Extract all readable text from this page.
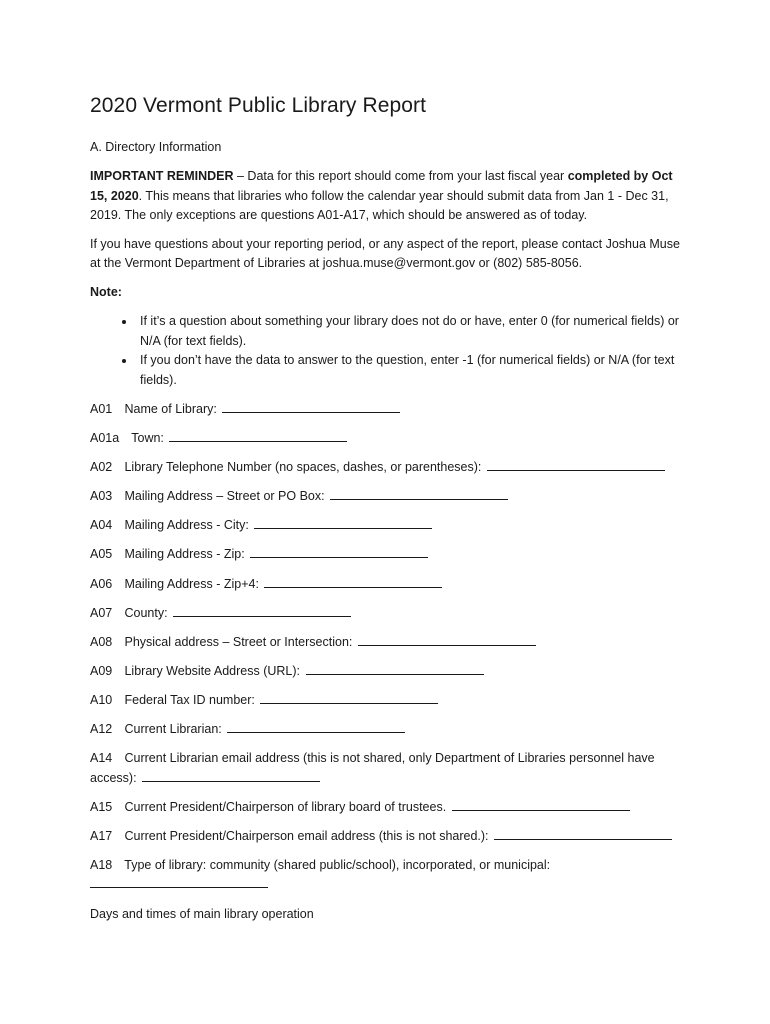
2020 Vermont Public Library Report
A. Directory Information

IMPORTANT REMINDER – Data for this report should come from your last fiscal year completed by Oct 15, 2020. This means that libraries who follow the calendar year should submit data from Jan 1 - Dec 31, 2019. The only exceptions are questions A01-A17, which should be answered as of today.

If you have questions about your reporting period, or any aspect of the report, please contact Joshua Muse at the Vermont Department of Libraries at joshua.muse@vermont.gov or (802) 585-8056.

Note:

• If it’s a question about something your library does not do or have, enter 0 (for numerical fields) or N/A (for text fields).
• If you don’t have the data to answer to the question, enter -1 (for numerical fields) or N/A (for text fields).
A01 Name of Library:
A01a Town:
A02 Library Telephone Number (no spaces, dashes, or parentheses):
A03 Mailing Address – Street or PO Box:
A04 Mailing Address - City:
A05 Mailing Address - Zip:
A06 Mailing Address - Zip+4:
A07 County:
A08 Physical address – Street or Intersection:
A09 Library Website Address (URL):
A10 Federal Tax ID number:
A12 Current Librarian:
A14 Current Librarian email address (this is not shared, only Department of Libraries personnel have access):
A15 Current President/Chairperson of library board of trustees.
A17 Current President/Chairperson email address (this is not shared.):
A18 Type of library: community (shared public/school), incorporated, or municipal:

Days and times of main library operation
